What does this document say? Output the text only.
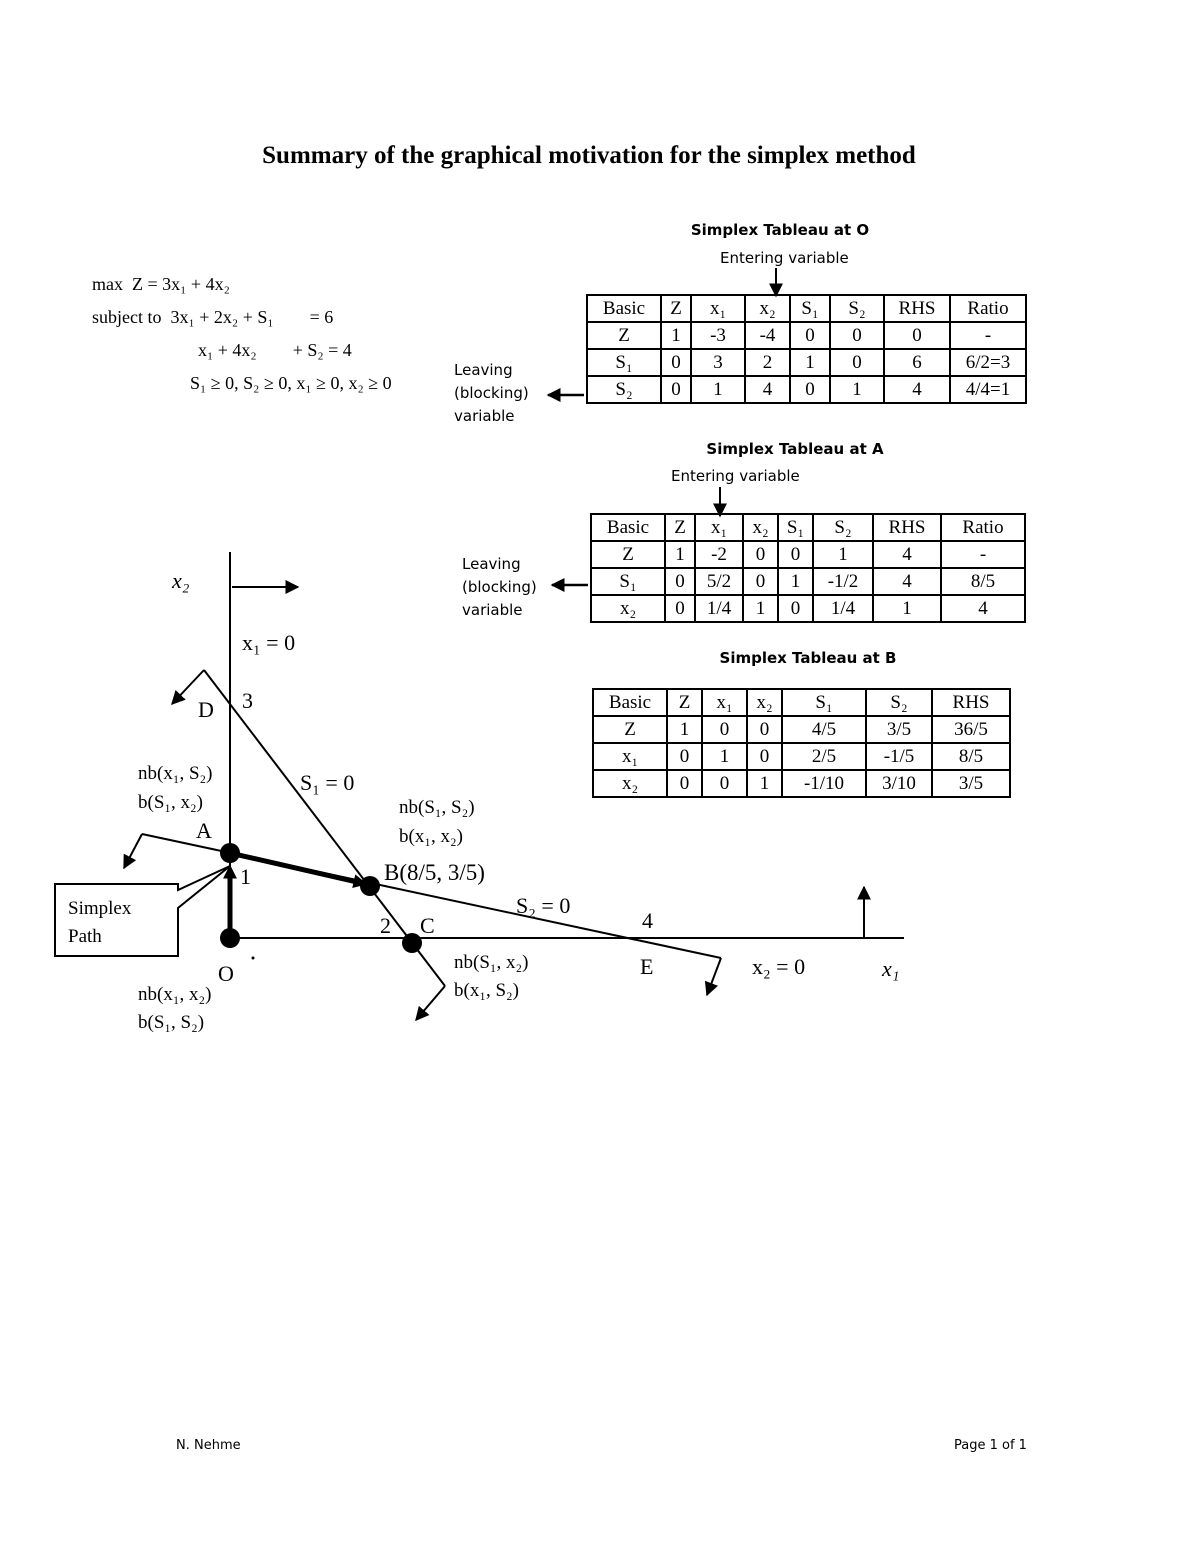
Summary of the graphical motivation for the simplex method
max  Z = 3x₁ + 4x₂
subject to  3x₁ + 2x₂ + S₁        = 6
x₁ + 4x₂        + S₂ = 4
S₁ ≥ 0, S₂ ≥ 0, x₁ ≥ 0, x₂ ≥ 0
Simplex Tableau at O
Entering variable
Leaving
(blocking)
variable
Basic	Z	x₁	x₂	S₁	S₂	RHS	Ratio
Z	1	-3	-4	0	0	0	-
S₁	0	3	2	1	0	6	6/2=3
S₂	0	1	4	0	1	4	4/4=1
Simplex Tableau at A
Entering variable
Leaving
(blocking)
variable
Basic	Z	x₁	x₂	S₁	S₂	RHS	Ratio
Z	1	-2	0	0	1	4	-
S₁	0	5/2	0	1	-1/2	4	8/5
x₂	0	1/4	1	0	1/4	1	4
Simplex Tableau at B
Basic	Z	x₁	x₂	S₁	S₂	RHS
Z	1	0	0	4/5	3/5	36/5
x₁	0	1	0	2/5	-1/5	8/5
x₂	0	0	1	-1/10	3/10	3/5
x₂
x₁ = 0
3
D
S₁ = 0
nb(x₁, S₂)
b(S₁, x₂)
A
nb(S₁, S₂)
b(x₁, x₂)
B(8/5, 3/5)
1
S₂ = 0
4
2 C
nb(S₁, x₂)
b(x₁, S₂)
E	x₂ = 0	x₁
O
nb(x₁, x₂)
b(S₁, S₂)
Simplex
Path
N. Nehme	Page 1 of 1
